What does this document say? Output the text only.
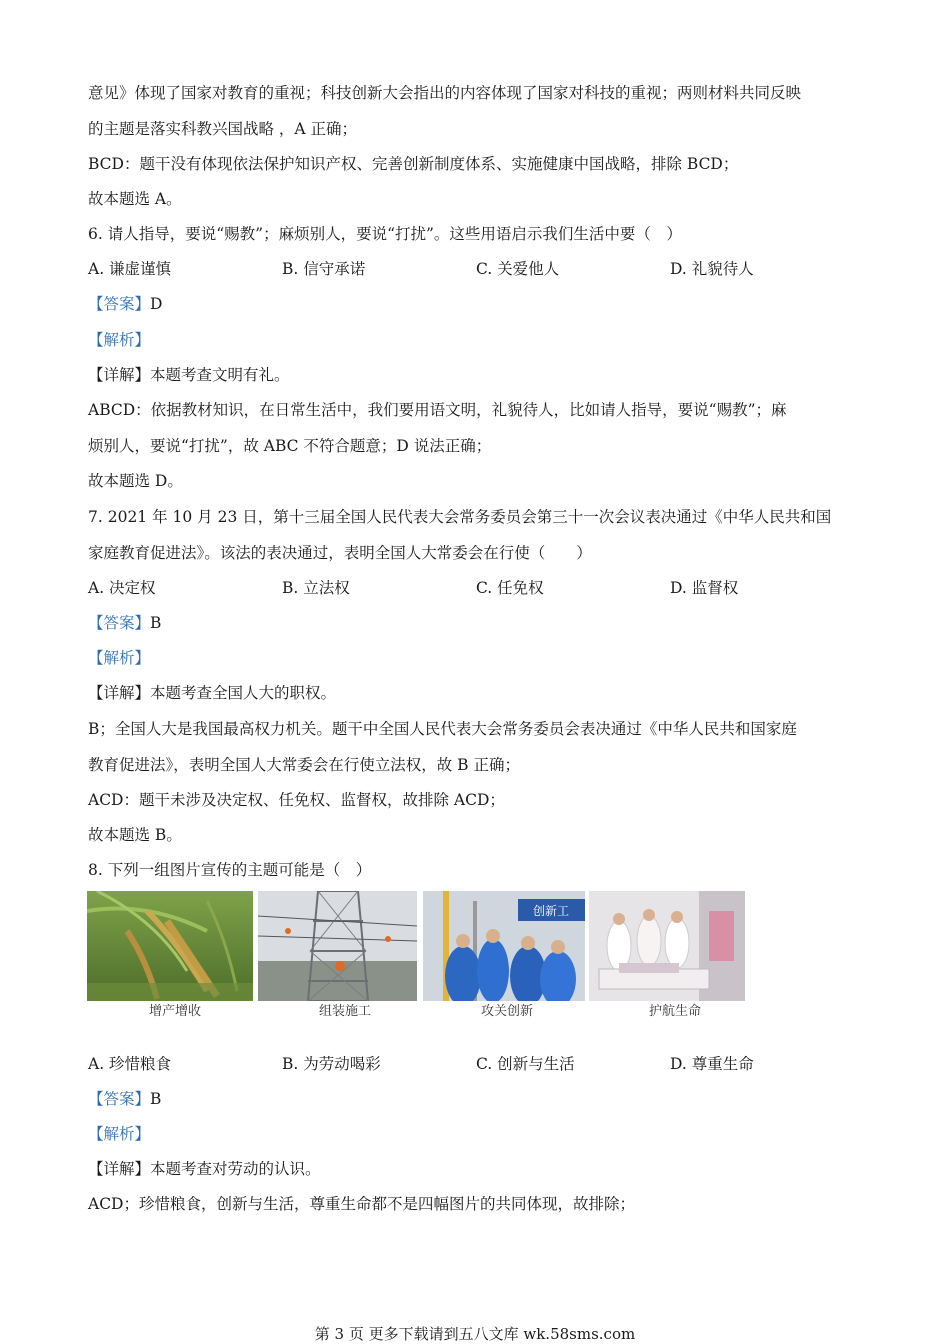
意见》体现了国家对教育的重视；科技创新大会指出的内容体现了国家对科技的重视；两则材料共同反映
的主题是落实科教兴国战略 ，A 正确；
BCD：题干没有体现依法保护知识产权、完善创新制度体系、实施健康中国战略，排除 BCD；
故本题选 A。
6. 请人指导，要说“赐教”；麻烦别人，要说“打扰”。这些用语启示我们生活中要（　）
A. 谦虚谨慎	B. 信守承诺	C. 关爱他人	D. 礼貌待人
【答案】D
【解析】
【详解】本题考查文明有礼。
ABCD：依据教材知识，在日常生活中，我们要用语文明，礼貌待人，比如请人指导，要说“赐教”；麻
烦别人，要说“打扰”，故 ABC 不符合题意；D 说法正确；
故本题选 D。
7. 2021 年 10 月 23 日，第十三届全国人民代表大会常务委员会第三十一次会议表决通过《中华人民共和国
家庭教育促进法》。该法的表决通过，表明全国人大常委会在行使（　　）
A. 决定权	B. 立法权	C. 任免权	D. 监督权
【答案】B
【解析】
【详解】本题考查全国人大的职权。
B；全国人大是我国最高权力机关。题干中全国人民代表大会常务委员会表决通过《中华人民共和国家庭
教育促进法》，表明全国人大常委会在行使立法权，故 B 正确；
ACD：题干未涉及决定权、任免权、监督权，故排除 ACD；
故本题选 B。
8. 下列一组图片宣传的主题可能是（　）
创新工
增产增收	组装施工	攻关创新	护航生命
A. 珍惜粮食	B. 为劳动喝彩	C. 创新与生活	D. 尊重生命
【答案】B
【解析】
【详解】本题考查对劳动的认识。
ACD；珍惜粮食，创新与生活，尊重生命都不是四幅图片的共同体现，故排除；
第 3 页 更多下载请到五八文库 wk.58sms.com
